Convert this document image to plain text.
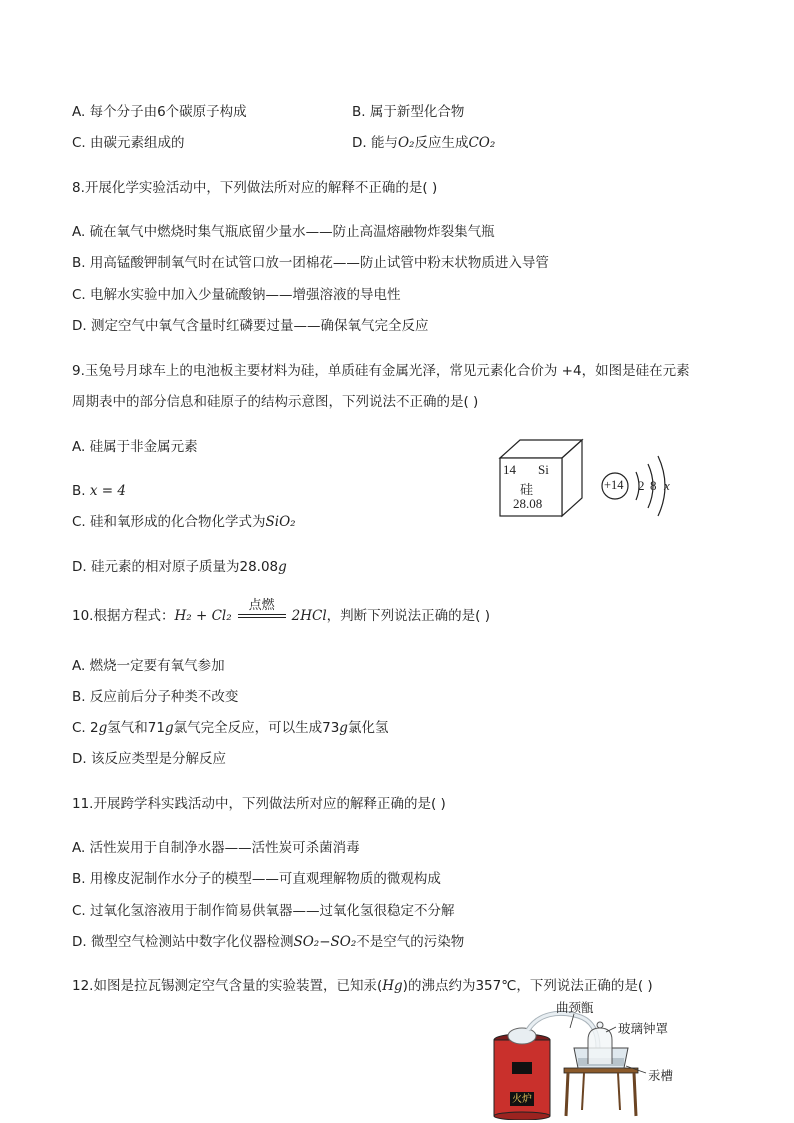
A. 每个分子由6个碳原子构成	B. 属于新型化合物
C. 由碳元素组成的	D. 能与O₂反应生成CO₂
8.开展化学实验活动中，下列做法所对应的解释不正确的是( )
A. 硫在氧气中燃烧时集气瓶底留少量水——防止高温熔融物炸裂集气瓶
B. 用高锰酸钾制氧气时在试管口放一团棉花——防止试管中粉末状物质进入导管
C. 电解水实验中加入少量硫酸钠——增强溶液的导电性
D. 测定空气中氧气含量时红磷要过量——确保氧气完全反应
9.玉兔号月球车上的电池板主要材料为硅，单质硅有金属光泽，常见元素化合价为 +4，如图是硅在元素
周期表中的部分信息和硅原子的结构示意图，下列说法不正确的是( )
A. 硅属于非金属元素
B. x = 4
C. 硅和氧形成的化合物化学式为SiO₂
D. 硅元素的相对原子质量为28.08g
14 Si
硅
28.08
+14 2 8 x
10.根据方程式：H₂ + Cl₂
点燃
2HCl，判断下列说法正确的是( )
A. 燃烧一定要有氧气参加
B. 反应前后分子种类不改变
C. 2g氢气和71g氯气完全反应，可以生成73g氯化氢
D. 该反应类型是分解反应
11.开展跨学科实践活动中，下列做法所对应的解释正确的是( )
A. 活性炭用于自制净水器——活性炭可杀菌消毒
B. 用橡皮泥制作水分子的模型——可直观理解物质的微观构成
C. 过氧化氢溶液用于制作简易供氧器——过氧化氢很稳定不分解
D. 微型空气检测站中数字化仪器检测SO₂−SO₂不是空气的污染物
12.如图是拉瓦锡测定空气含量的实验装置，已知汞(Hg)的沸点约为357℃，下列说法正确的是( )
曲颈甑
玻璃钟罩
汞槽
火炉
